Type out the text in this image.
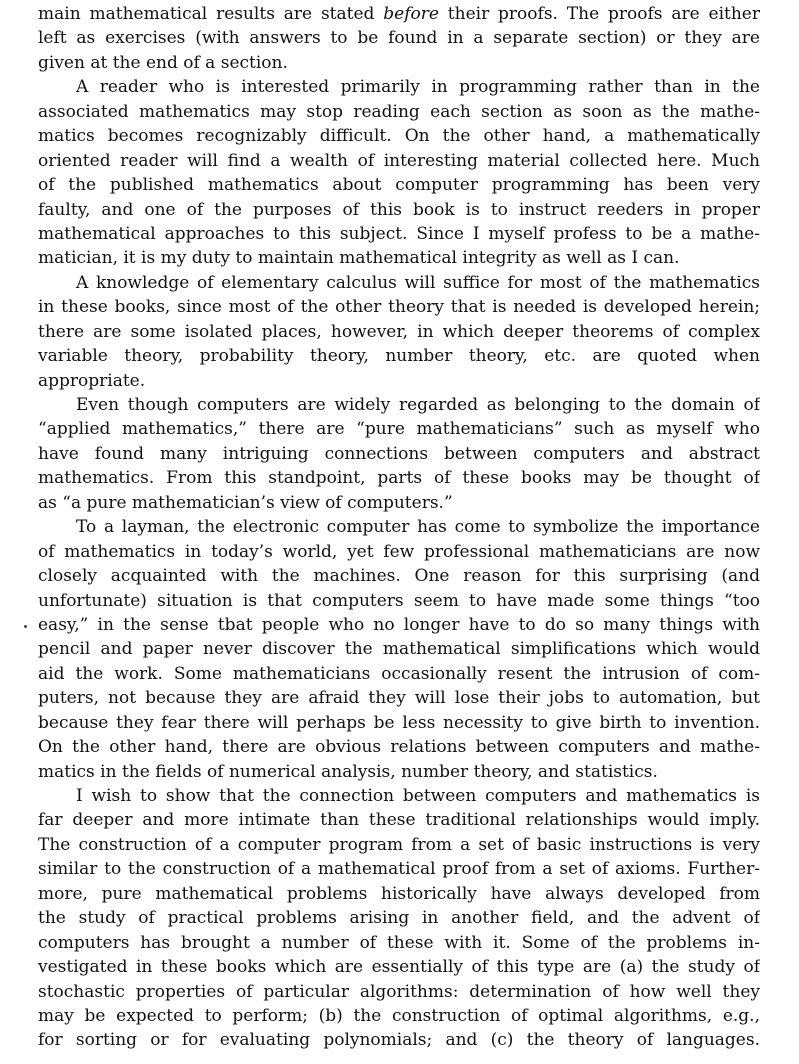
main mathematical results are stated before their proofs. The proofs are either
left as exercises (with answers to be found in a separate section) or they are
given at the end of a section.
A reader who is interested primarily in programming rather than in the
associated mathematics may stop reading each section as soon as the mathe-
matics becomes recognizably difficult. On the other hand, a mathematically
oriented reader will find a wealth of interesting material collected here. Much
of the published mathematics about computer programming has been very
faulty, and one of the purposes of this book is to instruct reeders in proper
mathematical approaches to this subject. Since I myself profess to be a mathe-
matician, it is my duty to maintain mathematical integrity as well as I can.
A knowledge of elementary calculus will suffice for most of the mathematics
in these books, since most of the other theory that is needed is developed herein;
there are some isolated places, however, in which deeper theorems of complex
variable theory, probability theory, number theory, etc. are quoted when
appropriate.
Even though computers are widely regarded as belonging to the domain of
“applied mathematics,” there are “pure mathematicians” such as myself who
have found many intriguing connections between computers and abstract
mathematics. From this standpoint, parts of these books may be thought of
as “a pure mathematician’s view of computers.”
To a layman, the electronic computer has come to symbolize the importance
of mathematics in today’s world, yet few professional mathematicians are now
closely acquainted with the machines. One reason for this surprising (and
unfortunate) situation is that computers seem to have made some things “too
easy,” in the sense tbat people who no longer have to do so many things with
pencil and paper never discover the mathematical simplifications which would
aid the work. Some mathematicians occasionally resent the intrusion of com-
puters, not because they are afraid they will lose their jobs to automation, but
because they fear there will perhaps be less necessity to give birth to invention.
On the other hand, there are obvious relations between computers and mathe-
matics in the fields of numerical analysis, number theory, and statistics.
I wish to show that the connection between computers and mathematics is
far deeper and more intimate than these traditional relationships would imply.
The construction of a computer program from a set of basic instructions is very
similar to the construction of a mathematical proof from a set of axioms. Further-
more, pure mathematical problems historically have always developed from
the study of practical problems arising in another field, and the advent of
computers has brought a number of these with it. Some of the problems in-
vestigated in these books which are essentially of this type are (a) the study of
stochastic properties of particular algorithms: determination of how well they
may be expected to perform; (b) the construction of optimal algorithms, e.g.,
for sorting or for evaluating polynomials; and (c) the theory of languages.
